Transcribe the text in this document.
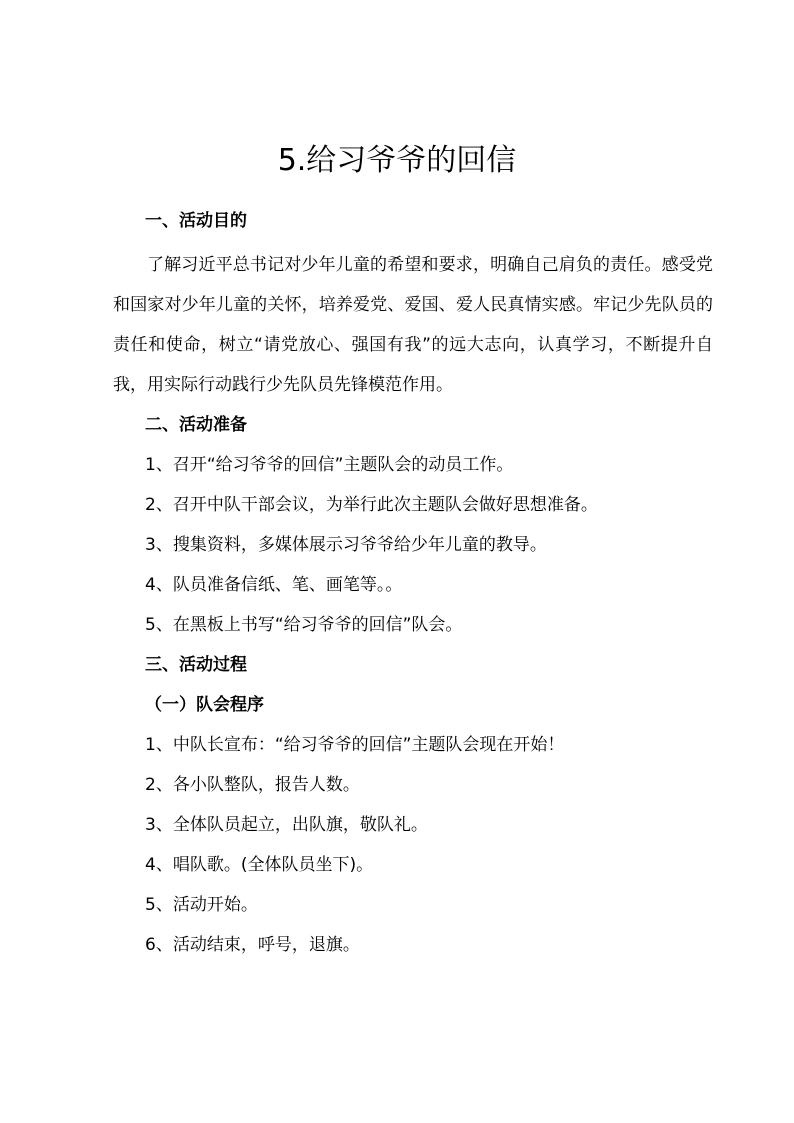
5.给习爷爷的回信
一、活动目的
了解习近平总书记对少年儿童的希望和要求，明确自己肩负的责任。感受党和国家对少年儿童的关怀，培养爱党、爱国、爱人民真情实感。牢记少先队员的责任和使命，树立“请党放心、强国有我”的远大志向，认真学习，不断提升自我，用实际行动践行少先队员先锋模范作用。
二、活动准备
1、召开“给习爷爷的回信”主题队会的动员工作。
2、召开中队干部会议，为举行此次主题队会做好思想准备。
3、搜集资料，多媒体展示习爷爷给少年儿童的教导。
4、队员准备信纸、笔、画笔等。。
5、在黑板上书写“给习爷爷的回信”队会。
三、活动过程
（一）队会程序
1、中队长宣布：“给习爷爷的回信”主题队会现在开始！
2、各小队整队，报告人数。
3、全体队员起立，出队旗，敬队礼。
4、唱队歌。(全体队员坐下)。
5、活动开始。
6、活动结束，呼号，退旗。
